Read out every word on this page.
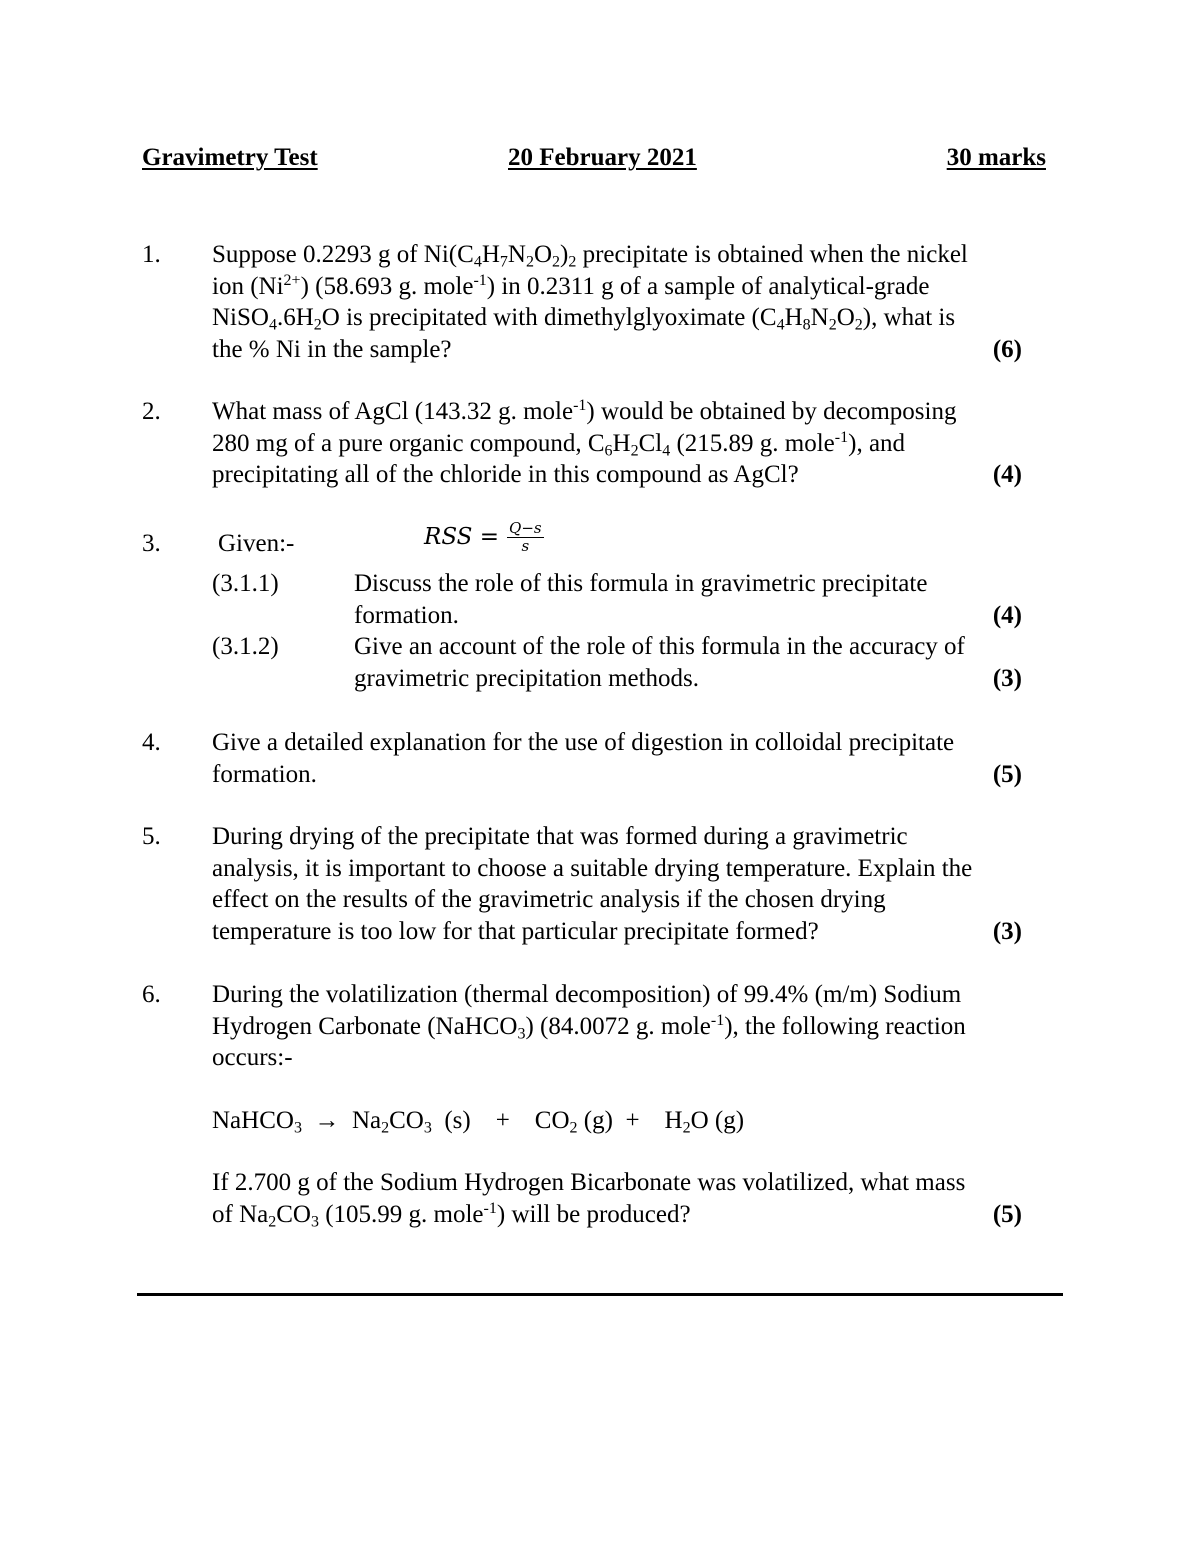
Gravimetry Test	20 February 2021	30 marks
1. Suppose 0.2293 g of $Ni(C_4H_7N_2O_2)_2$ precipitate is obtained when the nickel
ion $(Ni^{2+})$ (58.693 g. mole$^{-1}$) in 0.2311 g of a sample of analytical-grade
$NiSO_4.6H_2O$ is precipitated with dimethylglyoximate $(C_4H_8N_2O_2)$, what is
the % Ni in the sample?	(6)
2. What mass of AgCl (143.32 g. mole$^{-1}$) would be obtained by decomposing
280 mg of a pure organic compound, $C_6H_2Cl_4$ (215.89 g. mole$^{-1}$), and
precipitating all of the chloride in this compound as AgCl?	(4)
3. Given:-	RSS = $\frac{Q-s}{s}$
(3.1.1)	Discuss the role of this formula in gravimetric precipitate
formation.	(4)
(3.1.2)	Give an account of the role of this formula in the accuracy of
gravimetric precipitation methods.	(3)
4. Give a detailed explanation for the use of digestion in colloidal precipitate
formation.	(5)
5. During drying of the precipitate that was formed during a gravimetric
analysis, it is important to choose a suitable drying temperature. Explain the
effect on the results of the gravimetric analysis if the chosen drying
temperature is too low for that particular precipitate formed?	(3)
6. During the volatilization (thermal decomposition) of 99.4% (m/m) Sodium
Hydrogen Carbonate (NaHCO$_3$) (84.0072 g. mole$^{-1}$), the following reaction
occurs:-
NaHCO$_3$  →  $Na_2CO_3$  (s)    +    $CO_2$ (g)  +    $H_2O$ (g)
If 2.700 g of the Sodium Hydrogen Bicarbonate was volatilized, what mass
of $Na_2CO_3$ (105.99 g. mole$^{-1}$) will be produced?	(5)
